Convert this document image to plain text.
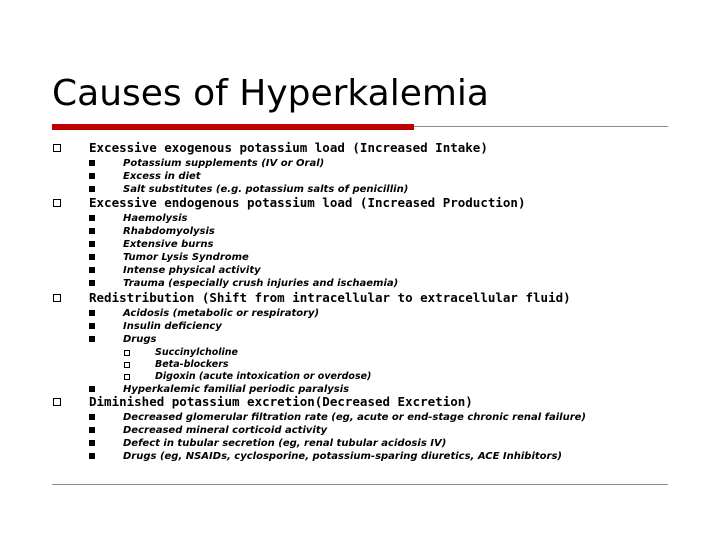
Causes of Hyperkalemia
Excessive exogenous potassium load (Increased Intake)
Potassium supplements (IV or Oral)
Excess in diet
Salt substitutes (e.g. potassium salts of penicillin)
Excessive endogenous potassium load (Increased Production)
Haemolysis
Rhabdomyolysis
Extensive burns
Tumor Lysis Syndrome
Intense physical activity
Trauma (especially crush injuries and ischaemia)
Redistribution (Shift from intracellular to extracellular fluid)
Acidosis (metabolic or respiratory)
Insulin deficiency
Drugs
Succinylcholine
Beta-blockers
Digoxin (acute intoxication or overdose)
Hyperkalemic familial periodic paralysis
Diminished potassium excretion(Decreased Excretion)
Decreased glomerular filtration rate (eg, acute or end-stage chronic renal failure)
Decreased mineral corticoid activity
Defect in tubular secretion (eg, renal tubular acidosis IV)
Drugs (eg, NSAIDs, cyclosporine, potassium-sparing diuretics, ACE Inhibitors)
